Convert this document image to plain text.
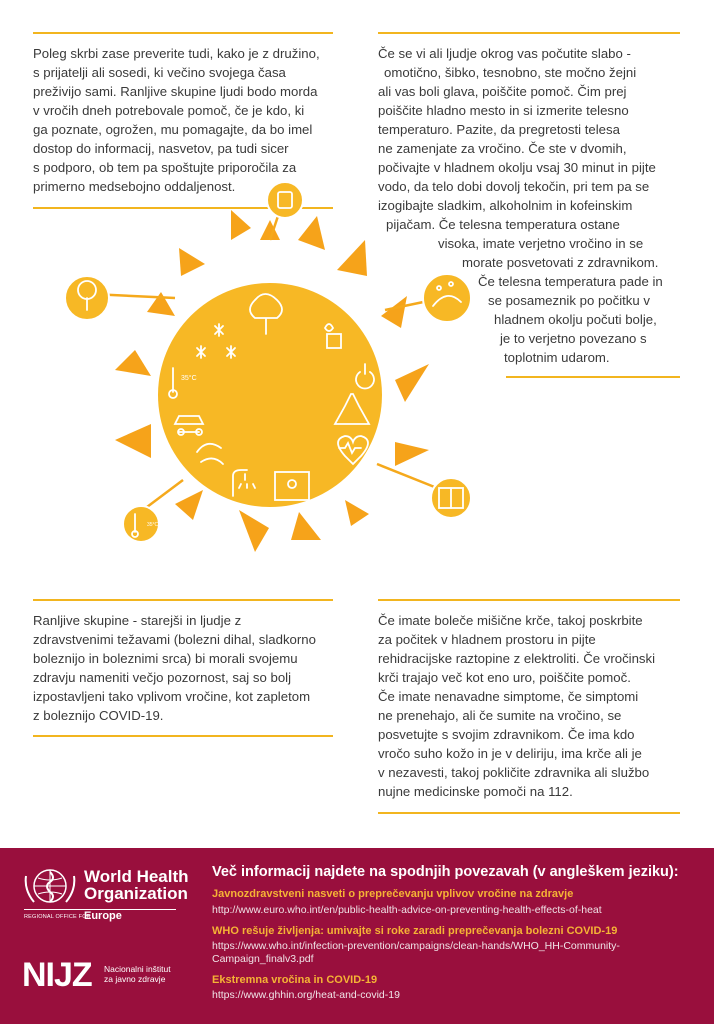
Poleg skrbi zase preverite tudi, kako je z družino,
s prijatelji ali sosedi, ki večino svojega časa
preživijo sami. Ranljive skupine ljudi bodo morda
v vročih dneh potrebovale pomoč, če je kdo, ki
ga poznate, ogrožen, mu pomagajte, da bo imel
dostop do informacij, nasvetov, pa tudi sicer
s podporo, ob tem pa spoštujte priporočila za
primerno medsebojno oddaljenost.
Če se vi ali ljudje okrog vas počutite slabo -
omotično, šibko, tesnobno, ste močno žejni
ali vas boli glava, poiščite pomoč. Čim prej
poiščite hladno mesto in si izmerite telesno
temperaturo. Pazite, da pregretosti telesa
ne zamenjate za vročino. Če ste v dvomih,
počivajte v hladnem okolju vsaj 30 minut in pijte
vodo, da telo dobi dovolj tekočin, pri tem pa se
izogibajte sladkim, alkoholnim in kofeinskim
pijačam. Če telesna temperatura ostane
visoka, imate verjetno vročino in se
morate posvetovati z zdravnikom.
Če telesna temperatura pade in
se posameznik po počitku v
hladnem okolju počuti bolje,
je to verjetno povezano s
toplotnim udarom.
35°C
35°C
Ranljive skupine - starejši in ljudje z
zdravstvenimi težavami (bolezni dihal, sladkorno
boleznijo in boleznimi srca) bi morali svojemu
zdravju nameniti večjo pozornost, saj so bolj
izpostavljeni tako vplivom vročine, kot zapletom
z boleznijo COVID-19.
Če imate boleče mišične krče, takoj poskrbite
za počitek v hladnem prostoru in pijte
rehidracijske raztopine z elektroliti. Če vročinski
krči trajajo več kot eno uro, poiščite pomoč.
Če imate nenavadne simptome, če simptomi
ne prenehajo, ali če sumite na vročino, se
posvetujte s svojim zdravnikom. Če ima kdo
vročo suho kožo in je v deliriju, ima krče ali je
v nezavesti, takoj pokličite zdravnika ali službo
nujne medicinske pomoči na 112.
World Health
Organization
REGIONAL OFFICE FOR
Europe
NIJZ Nacionalni inštitut
za javno zdravje
Več informacij najdete na spodnjih povezavah (v angleškem jeziku):
Javnozdravstveni nasveti o preprečevanju vplivov vročine na zdravje
http://www.euro.who.int/en/public-health-advice-on-preventing-health-effects-of-heat
WHO rešuje življenja: umivajte si roke zaradi preprečevanja bolezni COVID-19
https://www.who.int/infection-prevention/campaigns/clean-hands/WHO_HH-Community-
Campaign_finalv3.pdf
Ekstremna vročina in COVID-19
https://www.ghhin.org/heat-and-covid-19
